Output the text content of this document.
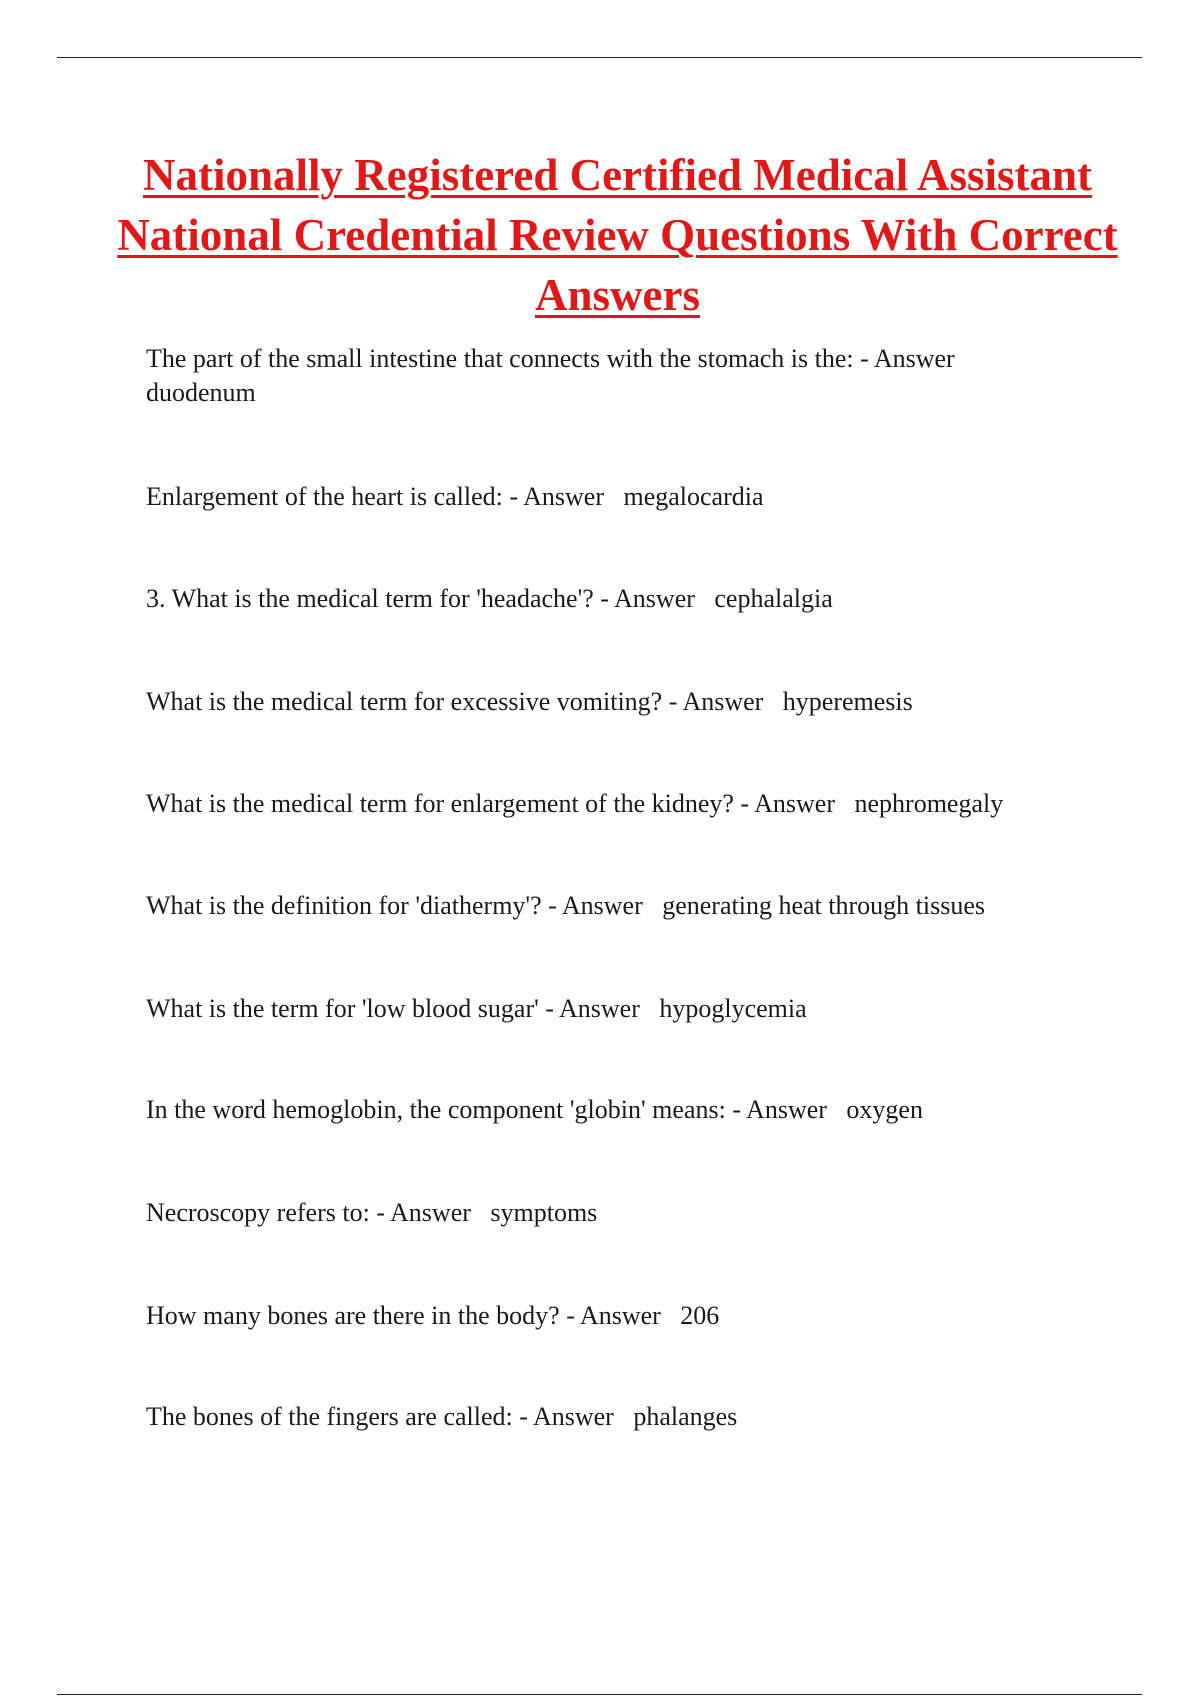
Nationally Registered Certified Medical Assistant National Credential Review Questions With Correct Answers
The part of the small intestine that connects with the stomach is the: - Answer
duodenum
Enlargement of the heart is called: - Answer   megalocardia
3. What is the medical term for 'headache'? - Answer   cephalalgia
What is the medical term for excessive vomiting? - Answer   hyperemesis
What is the medical term for enlargement of the kidney? - Answer   nephromegaly
What is the definition for 'diathermy'? - Answer   generating heat through tissues
What is the term for 'low blood sugar' - Answer   hypoglycemia
In the word hemoglobin, the component 'globin' means: - Answer   oxygen
Necroscopy refers to: - Answer   symptoms
How many bones are there in the body? - Answer   206
The bones of the fingers are called: - Answer   phalanges
